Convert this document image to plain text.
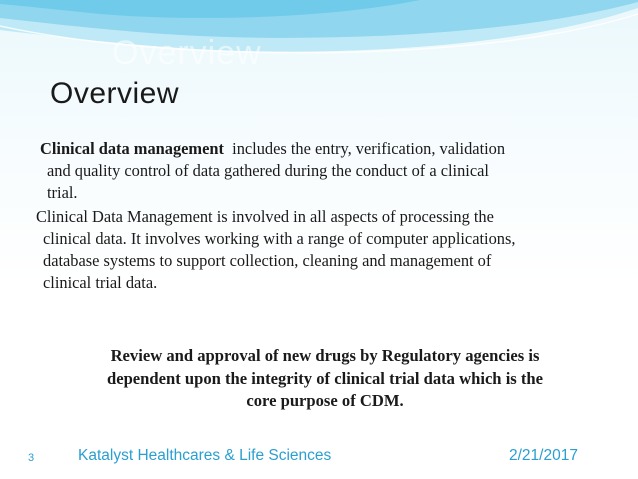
Overview
Overview
Clinical data management includes the entry, verification, validation
and quality control of data gathered during the conduct of a clinical
trial.
Clinical Data Management is involved in all aspects of processing the
clinical data. It involves working with a range of computer applications,
database systems to support collection, cleaning and management of
clinical trial data.
Review and approval of new drugs by Regulatory agencies is
dependent upon the integrity of clinical trial data which is the
core purpose of CDM.
3	Katalyst Healthcares & Life Sciences	2/21/2017
